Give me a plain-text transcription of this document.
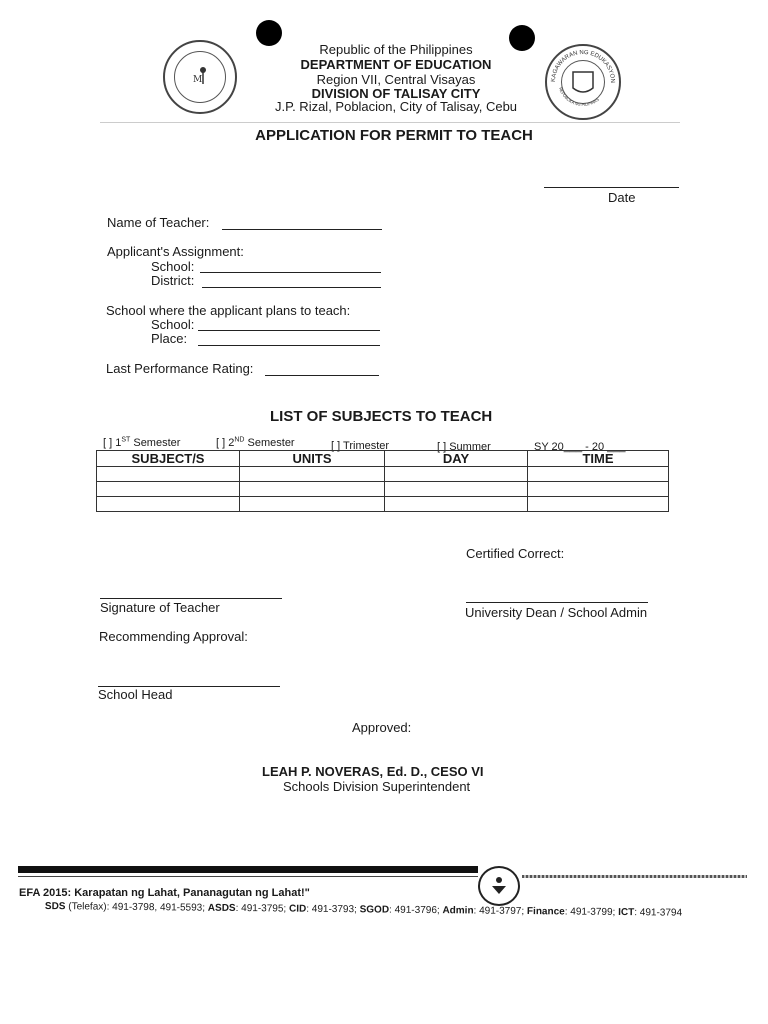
M
Republic of the Philippines
DEPARTMENT OF EDUCATION
Region VII, Central Visayas
DIVISION OF TALISAY CITY
J.P. Rizal, Poblacion, City of Talisay, Cebu
KAGAWARAN NG EDUKASYON
REPUBLIKA NG PILIPINAS
APPLICATION FOR PERMIT TO TEACH
Date
Name of Teacher:
Applicant's Assignment:
School:
District:
School where the applicant plans to teach:
School:
Place:
Last Performance Rating:
LIST OF SUBJECTS TO TEACH
[ ] 1ST Semester	[ ] 2ND Semester	[ ] Trimester	[ ] Summer	SY 20___ - 20 ___
SUBJECT/S	UNITS	DAY	TIME

Certified Correct:
Signature of Teacher	University Dean / School Admin
Recommending Approval:
School Head
Approved:
LEAH P. NOVERAS, Ed. D., CESO VI
Schools Division Superintendent
EFA 2015: Karapatan ng Lahat, Pananagutan ng Lahat!"
SDS (Telefax): 491-3798, 491-5593; ASDS: 491-3795; CID: 491-3793; SGOD: 491-3796; Admin: 491-3797; Finance: 491-3799; ICT: 491-3794
